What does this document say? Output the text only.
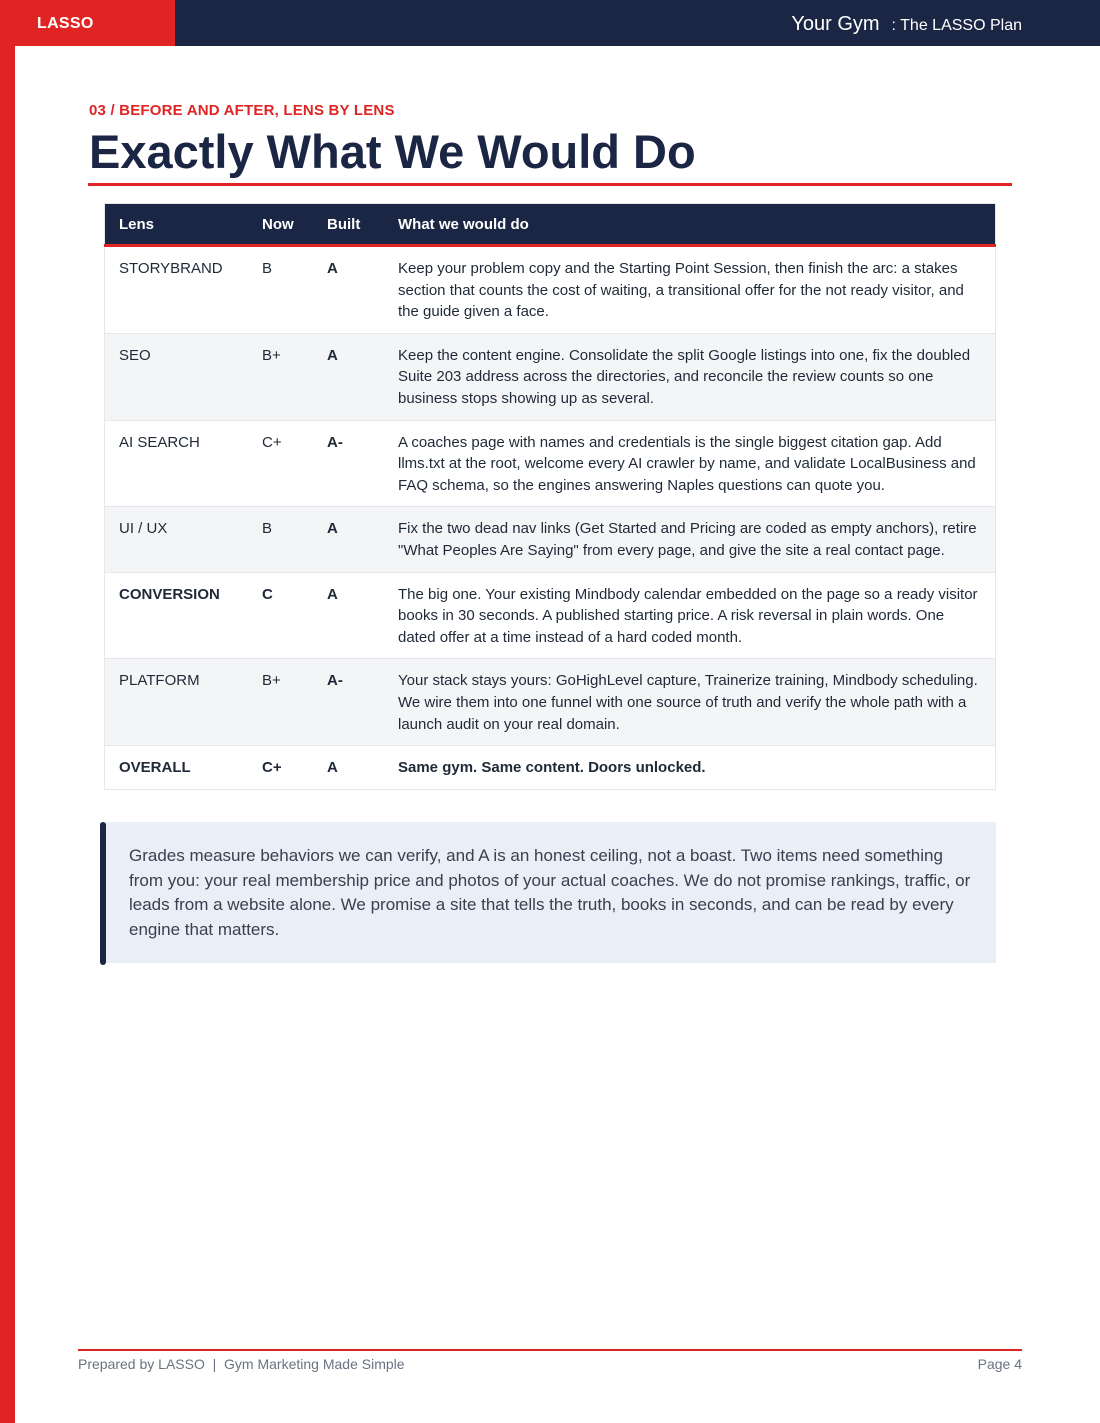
LASSO	Your Gym : The LASSO Plan
03 / BEFORE AND AFTER, LENS BY LENS
Exactly What We Would Do
Lens	Now	Built	What we would do
STORYBRAND	B	A	Keep your problem copy and the Starting Point Session, then finish the arc: a stakes section that counts the cost of waiting, a transitional offer for the not ready visitor, and the guide given a face.
SEO	B+	A	Keep the content engine. Consolidate the split Google listings into one, fix the doubled Suite 203 address across the directories, and reconcile the review counts so one business stops showing up as several.
AI SEARCH	C+	A-	A coaches page with names and credentials is the single biggest citation gap. Add llms.txt at the root, welcome every AI crawler by name, and validate LocalBusiness and FAQ schema, so the engines answering Naples questions can quote you.
UI / UX	B	A	Fix the two dead nav links (Get Started and Pricing are coded as empty anchors), retire "What Peoples Are Saying" from every page, and give the site a real contact page.
CONVERSION	C	A	The big one. Your existing Mindbody calendar embedded on the page so a ready visitor books in 30 seconds. A published starting price. A risk reversal in plain words. One dated offer at a time instead of a hard coded month.
PLATFORM	B+	A-	Your stack stays yours: GoHighLevel capture, Trainerize training, Mindbody scheduling. We wire them into one funnel with one source of truth and verify the whole path with a launch audit on your real domain.
OVERALL	C+	A	Same gym. Same content. Doors unlocked.

Grades measure behaviors we can verify, and A is an honest ceiling, not a boast. Two items need something from you: your real membership price and photos of your actual coaches. We do not promise rankings, traffic, or leads from a website alone. We promise a site that tells the truth, books in seconds, and can be read by every engine that matters.

Prepared by LASSO  |  Gym Marketing Made Simple	Page 4
